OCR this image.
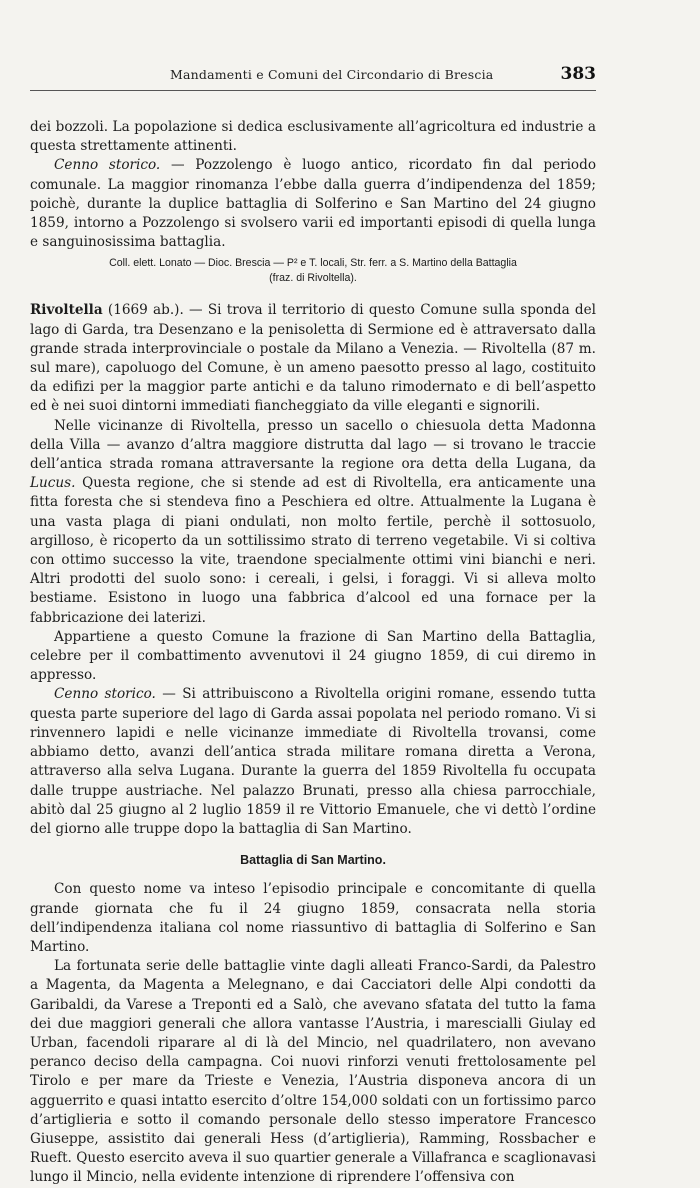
Mandamenti e Comuni del Circondario di Brescia	383

dei bozzoli. La popolazione si dedica esclusivamente all’agricoltura ed industrie a questa strettamente attinenti.

Cenno storico. — Pozzolengo è luogo antico, ricordato fin dal periodo comunale. La maggior rinomanza l’ebbe dalla guerra d’indipendenza del 1859; poichè, durante la duplice battaglia di Solferino e San Martino del 24 giugno 1859, intorno a Pozzolengo si svolsero varii ed importanti episodi di quella lunga e sanguinosissima battaglia.

Coll. elett. Lonato — Dioc. Brescia — P² e T. locali, Str. ferr. a S. Martino della Battaglia

(fraz. di Rivoltella).

Rivoltella (1669 ab.). — Si trova il territorio di questo Comune sulla sponda del lago di Garda, tra Desenzano e la penisoletta di Sermione ed è attraversato dalla grande strada interprovinciale o postale da Milano a Venezia. — Rivoltella (87 m. sul mare), capoluogo del Comune, è un ameno paesotto presso al lago, costituito da edifizi per la maggior parte antichi e da taluno rimodernato e di bell’aspetto ed è nei suoi dintorni immediati fiancheggiato da ville eleganti e signorili.

Nelle vicinanze di Rivoltella, presso un sacello o chiesuola detta Madonna della Villa — avanzo d’altra maggiore distrutta dal lago — si trovano le traccie dell’antica strada romana attraversante la regione ora detta della Lugana, da Lucus. Questa regione, che si stende ad est di Rivoltella, era anticamente una fitta foresta che si stendeva fino a Peschiera ed oltre. Attualmente la Lugana è una vasta plaga di piani ondulati, non molto fertile, perchè il sottosuolo, argilloso, è ricoperto da un sottilissimo strato di terreno vegetabile. Vi si coltiva con ottimo successo la vite, traendone specialmente ottimi vini bianchi e neri. Altri prodotti del suolo sono: i cereali, i gelsi, i foraggi. Vi si alleva molto bestiame. Esistono in luogo una fabbrica d’alcool ed una fornace per la fabbricazione dei laterizi.

Appartiene a questo Comune la frazione di San Martino della Battaglia, celebre per il combattimento avvenutovi il 24 giugno 1859, di cui diremo in appresso.

Cenno storico. — Si attribuiscono a Rivoltella origini romane, essendo tutta questa parte superiore del lago di Garda assai popolata nel periodo romano. Vi si rinvennero lapidi e nelle vicinanze immediate di Rivoltella trovansi, come abbiamo detto, avanzi dell’antica strada militare romana diretta a Verona, attraverso alla selva Lugana. Durante la guerra del 1859 Rivoltella fu occupata dalle truppe austriache. Nel palazzo Brunati, presso alla chiesa parrocchiale, abitò dal 25 giugno al 2 luglio 1859 il re Vittorio Emanuele, che vi dettò l’ordine del giorno alle truppe dopo la battaglia di San Martino.

Battaglia di San Martino.

Con questo nome va inteso l’episodio principale e concomitante di quella grande giornata che fu il 24 giugno 1859, consacrata nella storia dell’indipendenza italiana col nome riassuntivo di battaglia di Solferino e San Martino.

La fortunata serie delle battaglie vinte dagli alleati Franco-Sardi, da Palestro a Magenta, da Magenta a Melegnano, e dai Cacciatori delle Alpi condotti da Garibaldi, da Varese a Treponti ed a Salò, che avevano sfatata del tutto la fama dei due maggiori generali che allora vantasse l’Austria, i marescialli Giulay ed Urban, facendoli riparare al di là del Mincio, nel quadrilatero, non avevano peranco deciso della campagna. Coi nuovi rinforzi venuti frettolosamente pel Tirolo e per mare da Trieste e Venezia, l’Austria disponeva ancora di un agguerrito e quasi intatto esercito d’oltre 154,000 soldati con un fortissimo parco d’artiglieria e sotto il comando personale dello stesso imperatore Francesco Giuseppe, assistito dai generali Hess (d’artiglieria), Ramming, Rossbacher e Rueft. Questo esercito aveva il suo quartier generale a Villafranca e scaglionavasi lungo il Mincio, nella evidente intenzione di riprendere l’offensiva con
